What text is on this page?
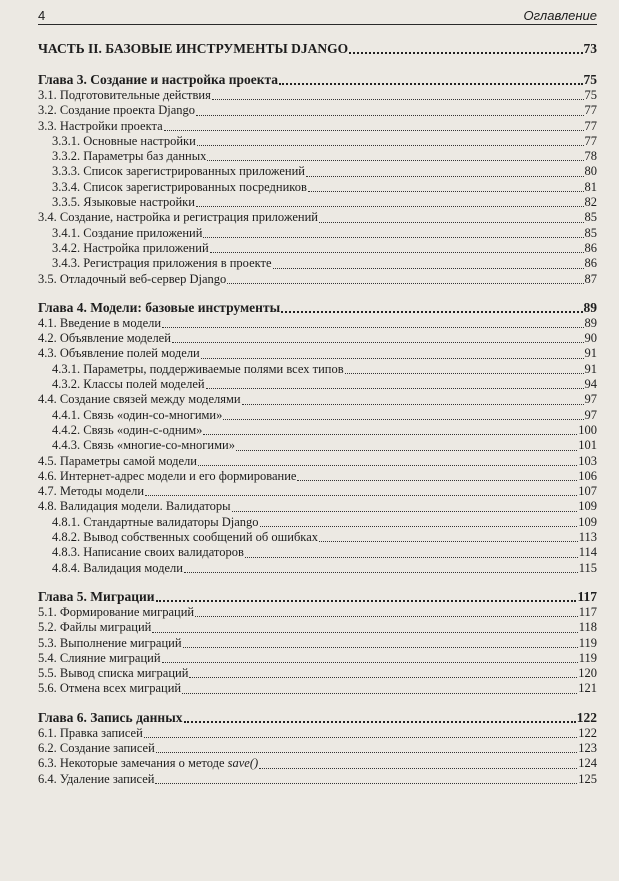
4	Оглавление
ЧАСТЬ II. БАЗОВЫЕ ИНСТРУМЕНТЫ DJANGO	73
Глава 3. Создание и настройка проекта	75
3.1. Подготовительные действия	75
3.2. Создание проекта Django	77
3.3. Настройки проекта	77
3.3.1. Основные настройки	77
3.3.2. Параметры баз данных	78
3.3.3. Список зарегистрированных приложений	80
3.3.4. Список зарегистрированных посредников	81
3.3.5. Языковые настройки	82
3.4. Создание, настройка и регистрация приложений	85
3.4.1. Создание приложений	85
3.4.2. Настройка приложений	86
3.4.3. Регистрация приложения в проекте	86
3.5. Отладочный веб-сервер Django	87
Глава 4. Модели: базовые инструменты	89
4.1. Введение в модели	89
4.2. Объявление моделей	90
4.3. Объявление полей модели	91
4.3.1. Параметры, поддерживаемые полями всех типов	91
4.3.2. Классы полей моделей	94
4.4. Создание связей между моделями	97
4.4.1. Связь «один-со-многими»	97
4.4.2. Связь «один-с-одним»	100
4.4.3. Связь «многие-со-многими»	101
4.5. Параметры самой модели	103
4.6. Интернет-адрес модели и его формирование	106
4.7. Методы модели	107
4.8. Валидация модели. Валидаторы	109
4.8.1. Стандартные валидаторы Django	109
4.8.2. Вывод собственных сообщений об ошибках	113
4.8.3. Написание своих валидаторов	114
4.8.4. Валидация модели	115
Глава 5. Миграции	117
5.1. Формирование миграций	117
5.2. Файлы миграций	118
5.3. Выполнение миграций	119
5.4. Слияние миграций	119
5.5. Вывод списка миграций	120
5.6. Отмена всех миграций	121
Глава 6. Запись данных	122
6.1. Правка записей	122
6.2. Создание записей	123
6.3. Некоторые замечания о методе save()	124
6.4. Удаление записей	125
